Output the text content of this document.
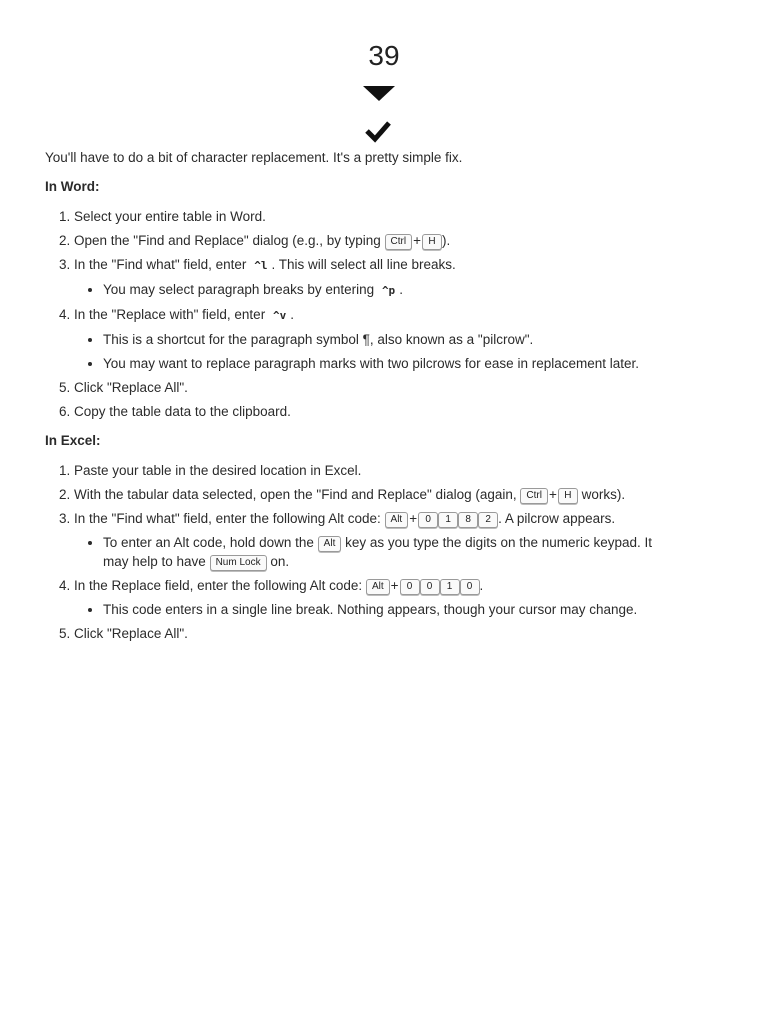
39

You'll have to do a bit of character replacement. It's a pretty simple fix.

In Word:

1. Select your entire table in Word.
2. Open the "Find and Replace" dialog (e.g., by typing Ctrl + H ).
3. In the "Find what" field, enter ^l . This will select all line breaks.
• You may select paragraph breaks by entering ^p .
4. In the "Replace with" field, enter ^v .
• This is a shortcut for the paragraph symbol ¶, also known as a "pilcrow".
• You may want to replace paragraph marks with two pilcrows for ease in replacement later.
5. Click "Replace All".
6. Copy the table data to the clipboard.

In Excel:

1. Paste your table in the desired location in Excel.
2. With the tabular data selected, open the "Find and Replace" dialog (again, Ctrl + H works).
3. In the "Find what" field, enter the following Alt code: Alt + 0 1 8 2 . A pilcrow appears.
• To enter an Alt code, hold down the Alt key as you type the digits on the numeric keypad. It may help to have Num Lock on.
4. In the Replace field, enter the following Alt code: Alt + 0 0 1 0 .
• This code enters in a single line break. Nothing appears, though your cursor may change.
5. Click "Replace All".
